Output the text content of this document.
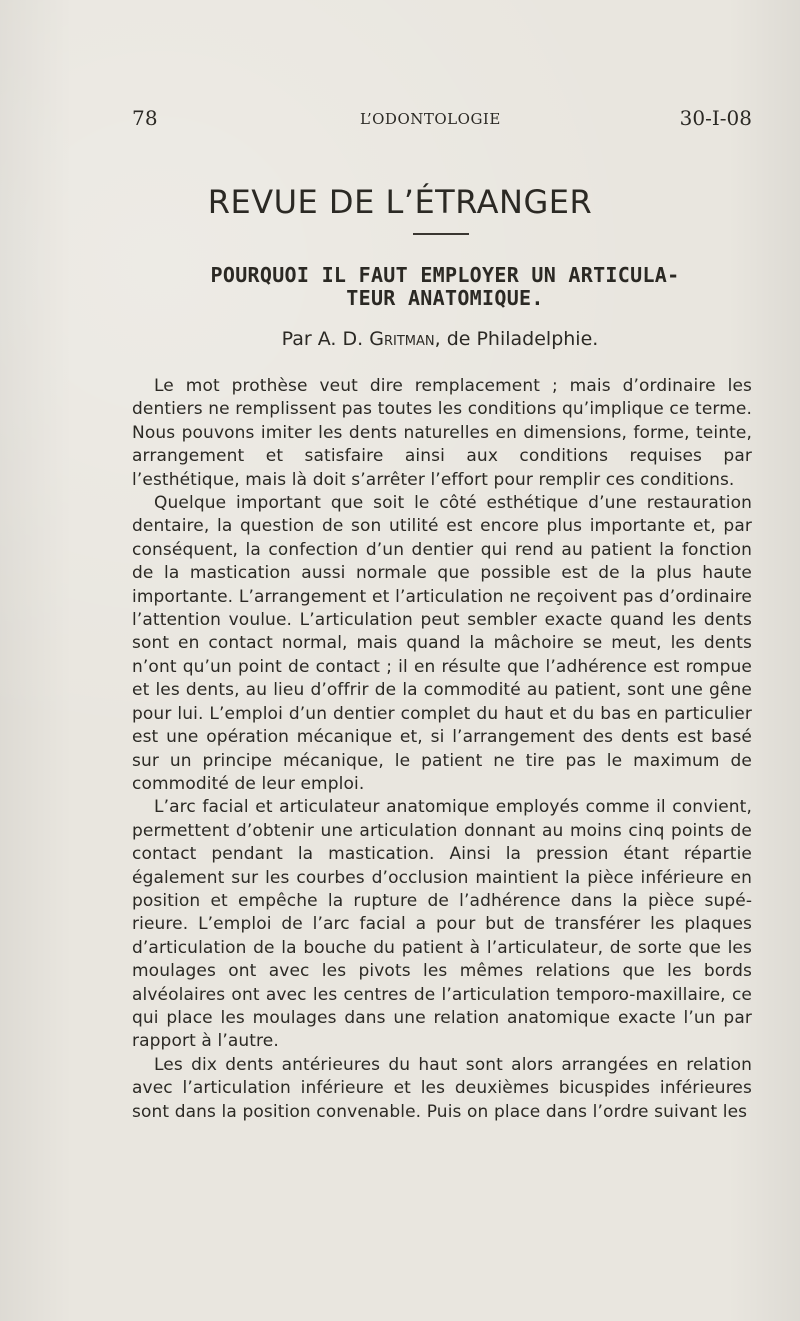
78	L’ODONTOLOGIE	30-I-08
REVUE DE L’ÉTRANGER
POURQUOI IL FAUT EMPLOYER UN ARTICULA-
TEUR ANATOMIQUE.
Par A. D. Gritman, de Philadelphie.

Le mot prothèse veut dire remplacement ; mais d’ordinaire les dentiers ne remplissent pas toutes les conditions qu’implique ce terme. Nous pouvons imiter les dents naturelles en dimensions, forme, teinte, arrangement et satisfaire ainsi aux conditions requises par l’esthétique, mais là doit s’arrêter l’effort pour remplir ces conditions.

Quelque important que soit le côté esthétique d’une restauration dentaire, la question de son utilité est encore plus importante et, par conséquent, la confection d’un dentier qui rend au patient la fonction de la mastication aussi normale que possible est de la plus haute importante. L’arrangement et l’articulation ne reçoivent pas d’ordinaire l’attention voulue. L’articulation peut sembler exacte quand les dents sont en contact normal, mais quand la mâchoire se meut, les dents n’ont qu’un point de contact ; il en résulte que l’adhérence est rompue et les dents, au lieu d’offrir de la commodité au patient, sont une gêne pour lui. L’emploi d’un dentier complet du haut et du bas en particulier est une opération mécanique et, si l’arrangement des dents est basé sur un principe mécanique, le patient ne tire pas le maximum de commodité de leur emploi.

L’arc facial et articulateur anatomique employés comme il convient, permettent d’obtenir une articulation donnant au moins cinq points de contact pendant la mastication. Ainsi la pression étant répartie également sur les courbes d’occlusion maintient la pièce inférieure en position et empêche la rupture de l’adhérence dans la pièce supérieure. L’emploi de l’arc facial a pour but de transférer les plaques d’articulation de la bouche du patient à l’articulateur, de sorte que les moulages ont avec les pivots les mêmes relations que les bords alvéolaires ont avec les centres de l’articulation temporo-maxillaire, ce qui place les moulages dans une relation anatomique exacte l’un par rapport à l’autre.

Les dix dents antérieures du haut sont alors arrangées en relation avec l’articulation inférieure et les deuxièmes bicuspides inférieures sont dans la position convenable. Puis on place dans l’ordre suivant les
